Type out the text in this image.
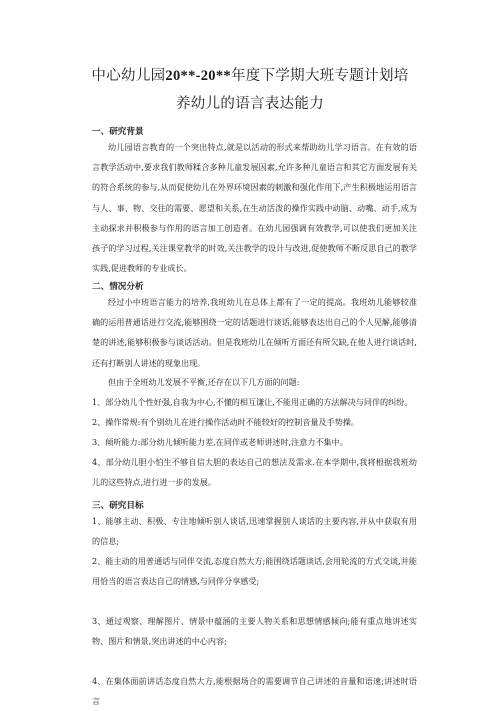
中心幼儿园20**-20**年度下学期大班专题计划培
养幼儿的语言表达能力
一、研究背景

幼儿园语言教育的一个突出特点,就是以活动的形式来帮助幼儿学习语言。在有效的语言教学活动中,要求我们教师糅合多种儿童发展因素,允许多种儿童语言和其它方面发展有关的符合系统的参与,从而促使幼儿在外界环境因素的刺激和强化作用下,产生积极地运用语言与人、事、物、交往的需要、愿望和关系,在生动活泼的操作实践中动脑、动嘴、动手,成为主动探求并积极参与作用的语言加工创造者。在幼儿园强调有效教学,可以使我们更加关注孩子的学习过程,关注课堂教学的时效,关注教学的设计与改进,促使教师不断反思自己的教学实践,促进教师的专业成长。

二、情况分析

经过小中班语言能力的培养,我班幼儿在总体上都有了一定的提高。我班幼儿能够较准确的运用普通话进行交流,能够围绕一定的话题进行谈话,能够表达出自己的个人见解,能够清楚的讲述,能够积极参与谈话活动。但是我班幼儿在倾听方面还有所欠缺,在他人进行谈话时,还有打断别人讲述的现象出现。

但由于全班幼儿发展不平衡,还存在以下几方面的问题:

1、部分幼儿个性好强,自我为中心,不懂的相互谦让,不能用正确的方法解决与同伴的纠纷。

2、操作常规:有个别幼儿在进行操作活动时不能较好的控制音量及手势操。

3、倾听能力:部分幼儿倾听能力差,在同伴或老师讲述时,注意力不集中。

4、部分幼儿胆小怕生不够自信大胆的表达自己的想法及需求.在本学期中,我将根据我班幼儿的这些特点,进行进一步的发展。

三、研究目标

1、能够主动、积极、专注地倾听别人谈话,迅速掌握别人谈话的主要内容,并从中获取有用的信息;

2、能主动的用普通话与同伴交流,态度自然大方;能围绕话题谈话,会用轮流的方式交谈,并能用恰当的语言表达自己的情感,与同伴分享感受;

3、通过观察、理解图片、情景中蕴涵的主要人物关系和思想情感倾向;能有重点地讲述实物、图片和情景,突出讲述的中心内容;

4、在集体面前讲话态度自然大方,能根据场合的需要调节自己讲述的音量和语速;讲述时语言
